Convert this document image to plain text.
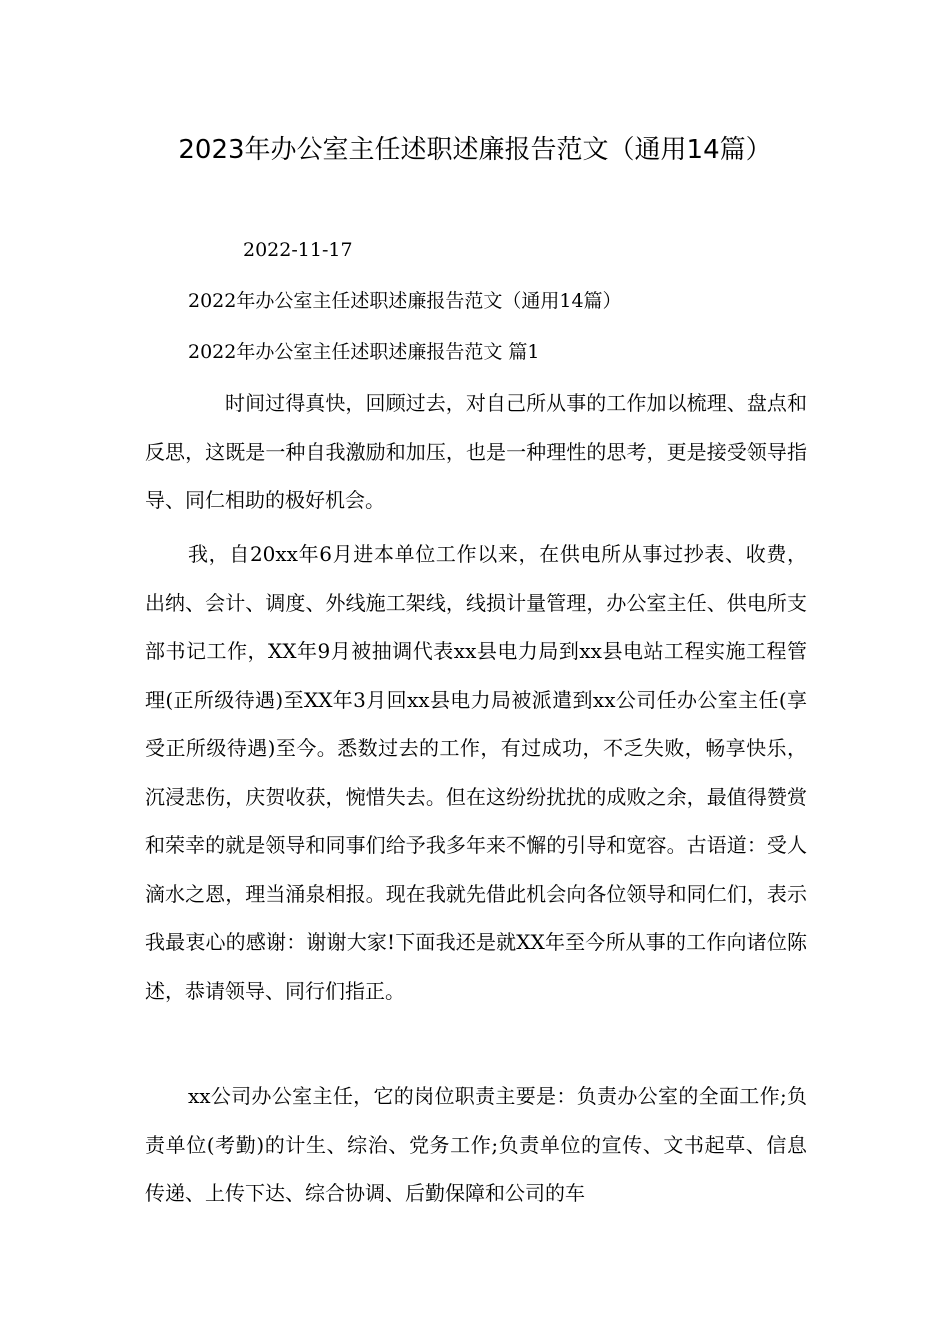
2023年办公室主任述职述廉报告范文（通用14篇）
2022-11-17
2022年办公室主任述职述廉报告范文（通用14篇）
2022年办公室主任述职述廉报告范文 篇1

时间过得真快，回顾过去，对自己所从事的工作加以梳理、盘点和反思，这既是一种自我激励和加压，也是一种理性的思考，更是接受领导指导、同仁相助的极好机会。

我，自20xx年6月进本单位工作以来，在供电所从事过抄表、收费，出纳、会计、调度、外线施工架线，线损计量管理，办公室主任、供电所支部书记工作，XX年9月被抽调代表xx县电力局到xx县电站工程实施工程管理(正所级待遇)至XX年3月回xx县电力局被派遣到xx公司任办公室主任(享受正所级待遇)至今。悉数过去的工作，有过成功，不乏失败，畅享快乐，沉浸悲伤，庆贺收获，惋惜失去。但在这纷纷扰扰的成败之余，最值得赞赏和荣幸的就是领导和同事们给予我多年来不懈的引导和宽容。古语道：受人滴水之恩，理当涌泉相报。现在我就先借此机会向各位领导和同仁们，表示我最衷心的感谢：谢谢大家!下面我还是就XX年至今所从事的工作向诸位陈述，恭请领导、同行们指正。

xx公司办公室主任，它的岗位职责主要是：负责办公室的全面工作;负责单位(考勤)的计生、综治、党务工作;负责单位的宣传、文书起草、信息传递、上传下达、综合协调、后勤保障和公司的车
